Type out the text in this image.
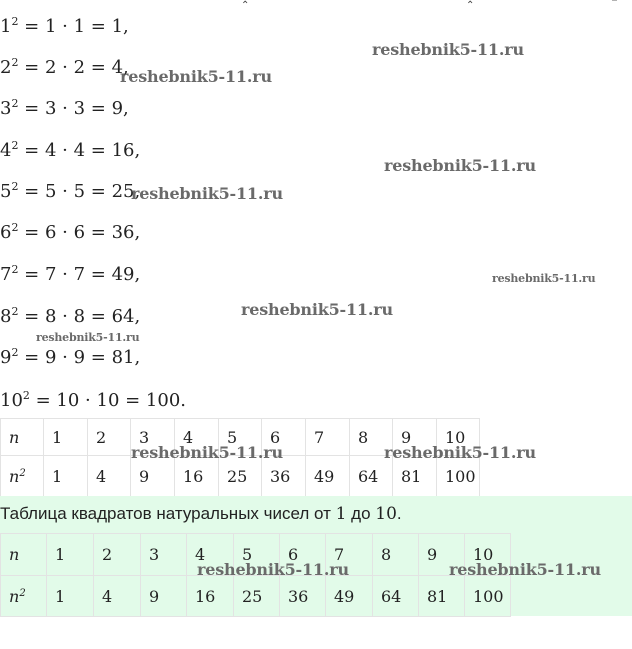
⌃	⌃	‾
$1^2 = 1 \cdot 1 = 1$,
$2^2 = 2 \cdot 2 = 4$,
$3^2 = 3 \cdot 3 = 9$,
$4^2 = 4 \cdot 4 = 16$,
$5^2 = 5 \cdot 5 = 25$,
$6^2 = 6 \cdot 6 = 36$,
$7^2 = 7 \cdot 7 = 49$,
$8^2 = 8 \cdot 8 = 64$,
$9^2 = 9 \cdot 9 = 81$,
$10^2 = 10 \cdot 10 = 100$.
n	1	2	3	4	5	6	7	8	9	10
$n^2$	1	4	9	16	25	36	49	64	81	100
Таблица квадратов натуральных чисел от 1 до 10.
n	1	2	3	4	5	6	7	8	9	10
$n^2$	1	4	9	16	25	36	49	64	81	100
reshebnik5-11.ru
reshebnik5-11.ru
reshebnik5-11.ru
reshebnik5-11.ru
reshebnik5-11.ru
reshebnik5-11.ru
reshebnik5-11.ru
reshebnik5-11.ru	reshebnik5-11.ru
reshebnik5-11.ru	reshebnik5-11.ru
